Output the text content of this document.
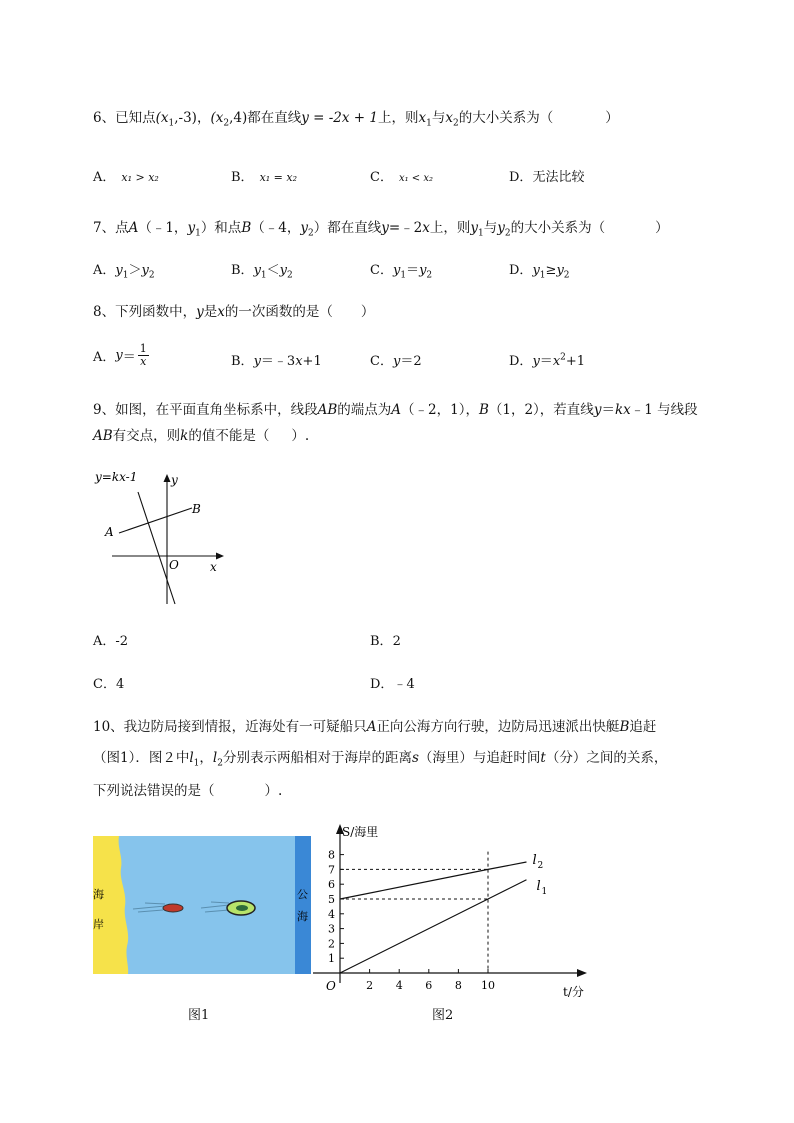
6、已知点$(x_1,-3)$，$(x_2,4)$都在直线y = -2x + 1上，则$x_1$与$x_2$的大小关系为（	）
A． x₁ > x₂	B． x₁ = x₂	C． x₁ < x₂	D．无法比较
7、点A（﹣1，$y_1$）和点B（﹣4，$y_2$）都在直线y=﹣2x上，则$y_1$与$y_2$的大小关系为（	）
A．$y_1>y_2$	B．$y_1<y_2$	C．$y_1=y_2$	D．$y_1\ge y_2$
8、下列函数中，y是x的一次函数的是（ ）
A．$y= \frac{1}{x}$	B．y＝﹣3x+1	C．y＝2	D．$y=x^2+1$
9、如图，在平面直角坐标系中，线段AB的端点为A（﹣2，1），B（1，2），若直线y＝kx﹣1 与线段
AB有交点，则k的值不能是（ ）.
y=kx-1	y
B
A
O	x
A．-2	B．2
C．4	D．﹣4
10、我边防局接到情报，近海处有一可疑船只A正向公海方向行驶，边防局迅速派出快艇B追赶
（图1）．图２中$l_1$，$l_2$分别表示两船相对于海岸的距离s（海里）与追赶时间t（分）之间的关系，
下列说法错误的是（	）.
海
岸
公
海
图1
S/海里
t/分
O	2 4 6 8 10
1
2
3
4
5
6
7
8	l 2
l 1
图2
